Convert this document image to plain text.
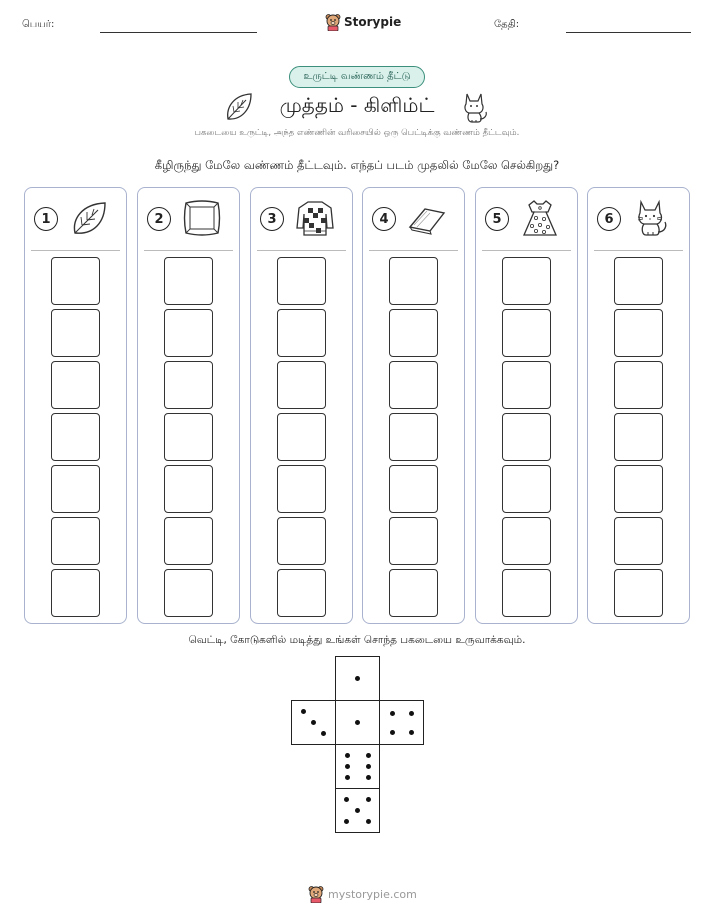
பெயர்:	Storypie	தேதி:
உருட்டி வண்ணம் தீட்டு
முத்தம் - கிளிம்ட்
பகடையை உருட்டி, அந்த எண்ணின் வரிசையில் ஒரு பெட்டிக்கு வண்ணம் தீட்டவும்.
கீழிருந்து மேலே வண்ணம் தீட்டவும். எந்தப் படம் முதலில் மேலே செல்கிறது?
1	2	3	4	5	6
வெட்டி, கோடுகளில் மடித்து உங்கள் சொந்த பகடையை உருவாக்கவும்.
mystorypie.com
